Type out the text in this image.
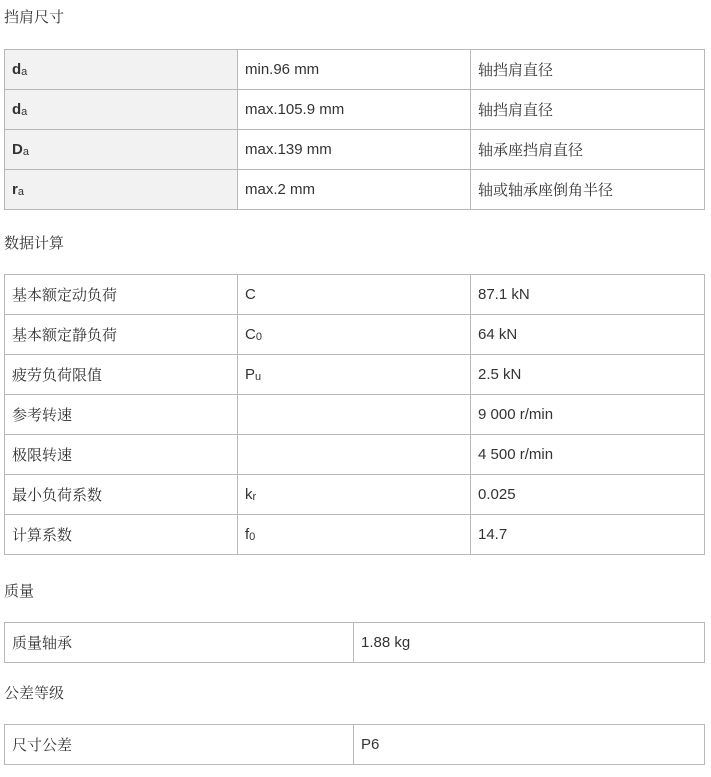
挡肩尺寸
da	min.96 mm	轴挡肩直径
da	max.105.9 mm	轴挡肩直径
Da	max.139 mm	轴承座挡肩直径
ra	max.2 mm	轴或轴承座倒角半径
数据计算
基本额定动负荷	C	87.1 kN
基本额定静负荷	C0	64 kN
疲劳负荷限值	Pu	2.5 kN
参考转速		9 000 r/min
极限转速		4 500 r/min
最小负荷系数	kr	0.025
计算系数	f0	14.7
质量
质量轴承	1.88 kg
公差等级
尺寸公差	P6
